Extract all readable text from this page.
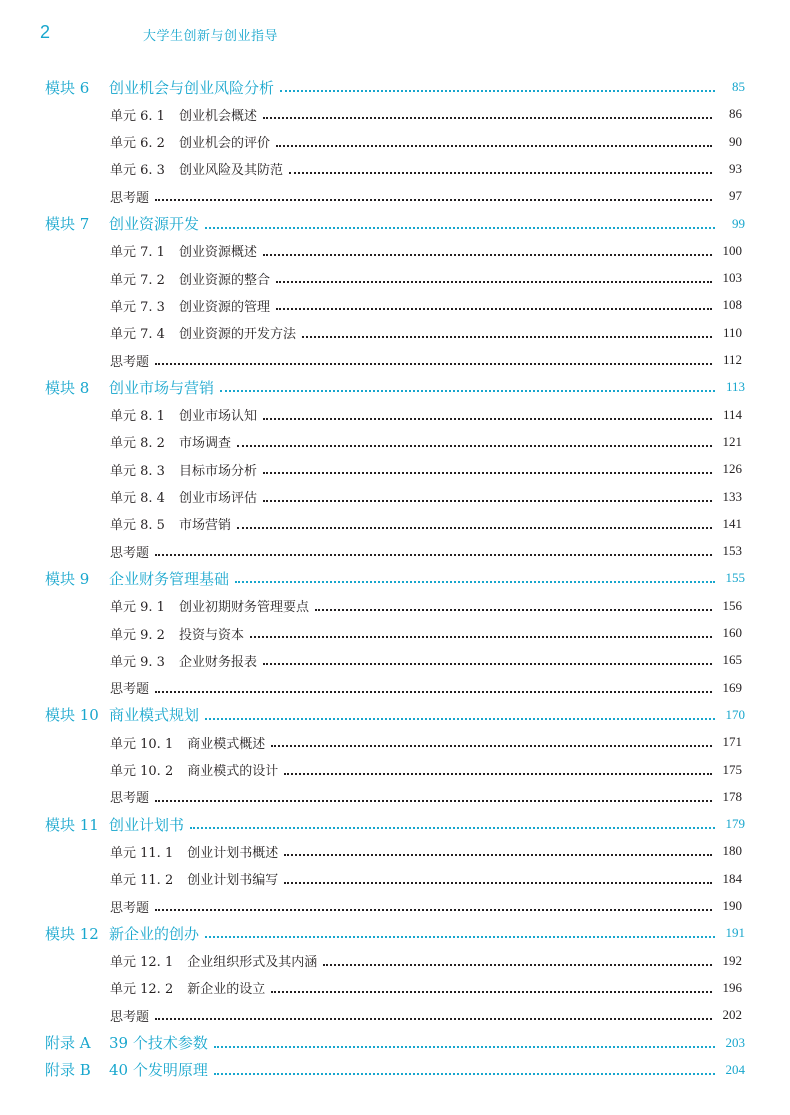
2	大学生创新与创业指导
模块 6	创业机会与创业风险分析	85
单元 6. 1 创业机会概述	86
单元 6. 2 创业机会的评价	90
单元 6. 3 创业风险及其防范	93
思考题	97
模块 7	创业资源开发	99
单元 7. 1 创业资源概述	100
单元 7. 2 创业资源的整合	103
单元 7. 3 创业资源的管理	108
单元 7. 4 创业资源的开发方法	110
思考题	112
模块 8	创业市场与营销	113
单元 8. 1 创业市场认知	114
单元 8. 2 市场调查	121
单元 8. 3 目标市场分析	126
单元 8. 4 创业市场评估	133
单元 8. 5 市场营销	141
思考题	153
模块 9	企业财务管理基础	155
单元 9. 1 创业初期财务管理要点	156
单元 9. 2 投资与资本	160
单元 9. 3 企业财务报表	165
思考题	169
模块 10 商业模式规划	170
单元 10. 1 商业模式概述	171
单元 10. 2 商业模式的设计	175
思考题	178
模块 11 创业计划书	179
单元 11. 1 创业计划书概述	180
单元 11. 2 创业计划书编写	184
思考题	190
模块 12 新企业的创办	191
单元 12. 1 企业组织形式及其内涵	192
单元 12. 2 新企业的设立	196
思考题	202
附录 A	39 个技术参数	203
附录 B	40 个发明原理	204
